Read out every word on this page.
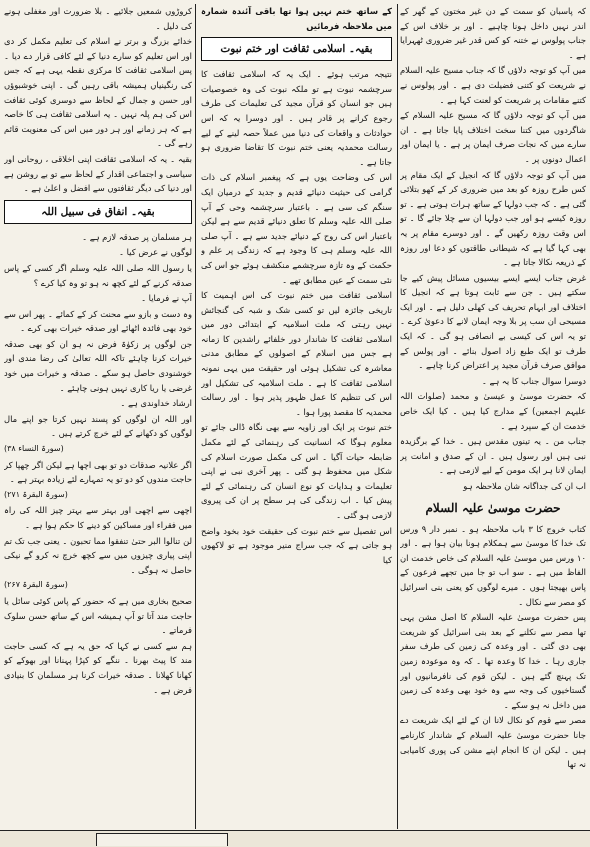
کہ پاسبان کو سمت کے دن غیر مختون کے گھر کے اندر نہیں داخل ہونا چاہیے ۔ اور بر خلاف اس کے جناب پولوس نے ختنہ کو کس قدر غیر ضروری ٹھہرایا ہے ۔

میں آپ کو توجہ دلاؤں گا کہ جناب مسیح علیہ السلام نے شریعت کو کتنی فضیلت دی ہے ۔ اور پولوس نے کتنے مقامات پر شریعت کو لعنت کہا ہے ۔

میں آپ کو توجہ دلاؤں گا کہ مسیح علیہ السلام کے شاگردوں میں کتنا سخت اختلاف پایا جاتا ہے ۔ ان سارے میں کہ نجات صرف ایمان پر ہے ۔ یا ایمان اور اعمال دونوں پر ۔

میں آپ کو توجہ دلاؤں گا کہ انجیل کے ایک مقام پر کس طرح روزہ کو بعد میں ضروری کر کے کھو بتلائی گئی ہے ۔ کہ جب دولہا کے ساتھ ہرات ہوتی ہے ۔ تو روزہ کیسے ہو اور جب دولہا ان سے چلا جائے گا ۔ تو اس وقت روزہ رکھیں گے ۔ اور دوسرے مقام پر یہ بھی کہا گیا ہے کہ شیطانی طاقتوں کو دعا اور روزہ کے ذریعہ نکالا جاتا ہے ۔

غرض جناب ایسے ایسے بیسیوں مسائل پیش کیے جا سکتے ہیں ۔ جن سے ثابت ہوتا ہے کہ انجیل کا اختلاف اور ابہام تحریف کی کھلی دلیل ہے ۔ اور ایک مسیحی ان سب پر بلا وجہ ایمان لانے کا دعویٰ کرے ۔ تو یہ اس کی کیسی بے انصافی ہو گی ۔ کہ ایک طرف تو ایک طبع زاد اصول بنائے ۔ اور پولس کے موافق صرف قرآن مجید پر اعتراض کرنا چاہے ۔

دوسرا سوال جناب کا یہ ہے ۔

کہ حضرت موسیٰ و عیسیٰ و محمد (صلوات اللہ علیہم اجمعین) کے مدارج کیا ہیں ۔ کیا ایک خاص خدمت ان کے سپرد ہے ۔

جناب من ۔ یہ تینوں مقدس ہیں ۔ خدا کے برگزیدہ نبی ہیں اور رسول ہیں ۔ ان کے صدق و امانت پر ایمان لانا ہر ایک مومن کے لیے لازمی ہے ۔

اب ان کی جداگانہ شان ملاحظہ ہو

حضرت موسیٰ علیہ السلام

کتاب خروج کا ۳ باب ملاحظہ ہو ۔ نمبر دار ۹ ورس تک خدا کا موسیٰ سے ہمکلام ہونا بیان ہوا ہے ۔ اور ۱۰ ورس میں موسیٰ علیہ السلام کی خاص خدمت ان الفاظ میں ہے ۔ سو اب تو جا میں تجھے فرعون کے پاس بھیجتا ہوں ۔ میرے لوگوں کو یعنی بنی اسرائیل کو مصر سے نکال ۔

پس حضرت موسیٰ علیہ السلام کا اصل مشن یہی تھا مصر سے نکلنے کے بعد بنی اسرائیل کو شریعت بھی دی گئی ۔ اور وعدہ کی زمین کی طرف سفر جاری رہا ۔ خدا کا وعدہ تھا ۔ کہ وہ موعودہ زمین تک پہنچ گئے ہیں ۔ لیکن قوم کی نافرمانیوں اور گستاخیوں کی وجہ سے وہ خود بھی وعدہ کی زمین میں داخل نہ ہو سکے ۔

مصر سے قوم کو نکال لانا ان کے لئے ایک شریعت دے جانا حضرت موسیٰ علیہ السلام کے شاندار کارنامے ہیں ۔ لیکن ان کا انجام اپنے مشن کی پوری کامیابی نہ تھا

کے ساتھ ختم نہیں ہوا تھا باقی آئندہ شمارہ میں ملاحظہ فرمائیں

بقیہ۔ اسلامی ثقافت اور ختم نبوت

نتیجہ مرتب ہوئے ۔ ایک یہ کہ اسلامی ثقافت کا سرچشمہ نبوت ہے تو ملکہ نبوت کی وہ خصوصیات ہیں جو انسان کو قرآن مجید کی تعلیمات کی طرف رجوع کرانے پر قادر ہیں ۔ اور دوسرا یہ کہ اس حوادثات و واقعات کی دنیا میں عملاً حصہ لینے کے لیے رسالت محمدیہ یعنی ختم نبوت کا تقاضا ضروری ہو جاتا ہے ۔

اس کی وضاحت یوں ہے کہ پیغمبر اسلام کی ذات گرامی کی حیثیت دنیائے قدیم و جدید کے درمیان ایک سنگم کی سی ہے ۔ باعتبار سرچشمہ وحی کے آپ صلی اللہ علیہ وسلم کا تعلق دنیائے قدیم سے ہے لیکن باعتبار اس کی روح کے دنیائے جدید سے ہے ۔ آپ صلی اللہ علیہ وسلم ہی کا وجود ہے کہ زندگی پر علم و حکمت کے وہ تازہ سرچشمے منکشف ہوئے جو اس کی نئی سمت کے عین مطابق تھے ۔

اسلامی ثقافت میں ختم نبوت کی اس اہمیت کا تاریخی جائزہ لیں تو کسی شک و شبہ کی گنجائش نہیں رہتی کہ ملت اسلامیہ کے ابتدائی دور میں اسلامی ثقافت کا شاندار دور خلفائے راشدین کا زمانہ ہے جس میں اسلام کے اصولوں کے مطابق مدنی معاشرہ کی تشکیل ہوئی اور حقیقت میں یہی نمونہ اسلامی ثقافت کا ہے ۔ ملت اسلامیہ کی تشکیل اور اس کی تنظیم کا عمل ظہور پذیر ہوا ۔ اور رسالت محمدیہ کا مقصد پورا ہوا ۔

ختم نبوت پر ایک اور زاویہ سے بھی نگاہ ڈالی جائے تو معلوم ہوگا کہ انسانیت کی رہنمائی کے لئے مکمل ضابطہ حیات آگیا ۔ اس کی مکمل صورت اسلام کی شکل میں محفوظ ہو گئی ۔ پھر آخری نبی نے اپنی تعلیمات و ہدایات کو نوع انسان کی رہنمائی کے لئے پیش کیا ۔ اب زندگی کی ہر سطح پر ان کی پیروی لازمی ہو گئی ۔

اس تفصیل سے ختم نبوت کی حقیقت خود بخود واضح ہو جاتی ہے کہ جب سراج منیر موجود ہے تو لاکھوں کیا

کروڑوں شمعیں جلائیے ۔ بلا ضرورت اور مغفلی ہونے کی دلیل ۔

خدائے بزرگ و برتر نے اسلام کی تعلیم مکمل کر دی اور اس تعلیم کو سارے دنیا کے لئے کافی قرار دے دیا ۔ پس اسلامی ثقافت کا مرکزی نقطہ یہی ہے کہ جس کی رنگینیاں ہمیشہ باقی رہیں گی ۔ اپنی خوشبوؤں اور حسن و جمال کے لحاظ سے دوسری کوئی ثقافت اس کی ہم پلہ نہیں ۔ یہ اسلامی ثقافت ہی کا خاصہ ہے کہ ہر زمانے اور ہر دور میں اس کی معنویت قائم رہے گی ۔

بقیہ ۔ یہ کہ اسلامی ثقافت اپنی اخلاقی ، روحانی اور سیاسی و اجتماعی اقدار کے لحاظ سے تو بے روشن ہے اور دنیا کی دیگر ثقافتوں سے افضل و اعلیٰ ہے ۔

بقیہ۔ انفاق فی سبیل اللہ

ہر مسلمان پر صدقہ لازم ہے ۔

لوگوں نے عرض کیا ۔

یا رسول اللہ صلی اللہ علیہ وسلم اگر کسی کے پاس صدقہ کرنے کے لئے کچھ نہ ہو تو وہ کیا کرے ؟

آپ نے فرمایا ۔

وہ دست و بازو سے محنت کر کے کمائے ۔ پھر اس سے خود بھی فائدہ اٹھائے اور صدقہ خیرات بھی کرے ۔

جن لوگوں پر زکوٰۃ فرض نہ ہو ان کو بھی صدقہ خیرات کرنا چاہئے تاکہ اللہ تعالیٰ کی رضا مندی اور خوشنودی حاصل ہو سکے ۔ صدقہ و خیرات میں خود غرضی یا ریا کاری نہیں ہونی چاہئے ۔

ارشاد خداوندی ہے ۔

اور اللہ ان لوگوں کو پسند نہیں کرتا جو اپنے مال لوگوں کو دکھانے کے لئے خرچ کرتے ہیں ۔

(سورۃ النساء ۳۸)

اگر علانیہ صدقات دو تو بھی اچھا ہے لیکن اگر چھپا کر حاجت مندوں کو دو تو یہ تمہارے لئے زیادہ بہتر ہے ۔

(سورۃ البقرۃ ۲۷۱)

اچھی سے اچھی اور بہتر سے بہتر چیز اللہ کی راہ میں فقراء اور مساکین کو دینے کا حکم ہوا ہے ۔

لن تنالوا البر حتیٰ تنفقوا مما تحبون ۔ یعنی جب تک تم اپنی پیاری چیزوں میں سے کچھ خرچ نہ کرو گے نیکی حاصل نہ ہوگی ۔

(سورۃ البقرۃ ۲۶۷)

صحیح بخاری میں ہے کہ حضور کے پاس کوئی سائل یا حاجت مند آتا تو آپ ہمیشہ اس کے ساتھ حسن سلوک فرماتے ۔

ہم سے کسی نے کہا کہ حق یہ ہے کہ کسی حاجت مند کا پیٹ بھرنا ۔ ننگے کو کپڑا پہنانا اور بھوکے کو کھانا کھلانا ۔ صدقہ خیرات کرنا ہر مسلمان کا بنیادی فرض ہے ۔
